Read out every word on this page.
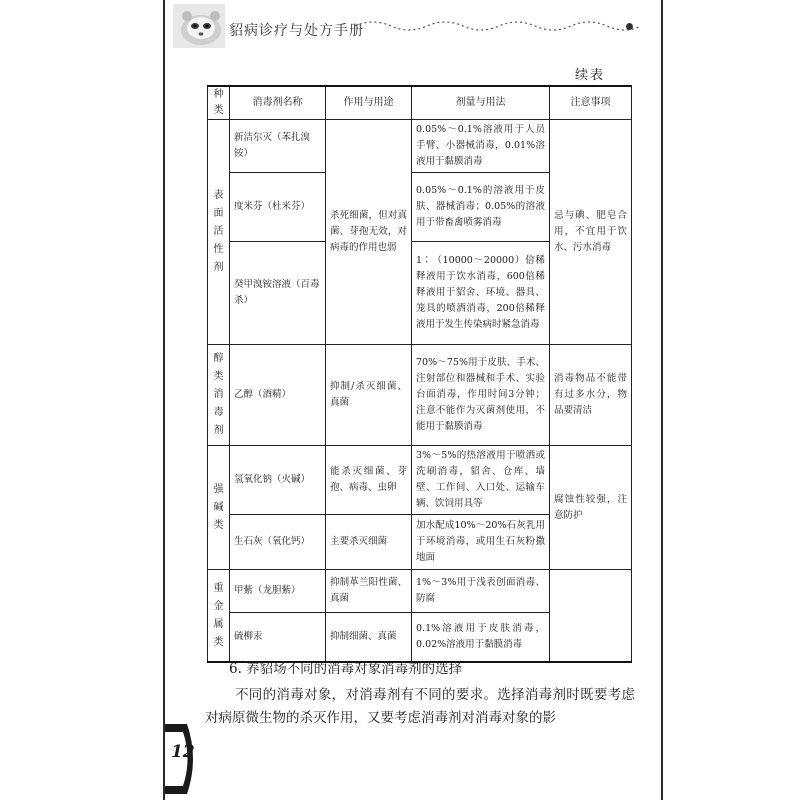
貂病诊疗与处方手册
续表
种类	消毒剂名称	作用与用途	剂量与用法	注意事项

表
面
活
性
剂	新洁尔灭（苯扎溴铵）	杀死细菌，但对真菌、芽孢无效，对病毒的作用也弱	0.05%～0.1%溶液用于人员手臂、小器械消毒，0.01%溶液用于黏膜消毒	忌与碘、肥皂合用，不宜用于饮水、污水消毒
	度米芬（杜米芬）		0.05%～0.1%的溶液用于皮肤、器械消毒；0.05%的溶液用于带畜禽喷雾消毒	
	癸甲溴铵溶液（百毒杀）		1∶（10000～20000）倍稀释液用于饮水消毒，600倍稀释液用于貂舍、环境、器具、笼具的喷洒消毒，200倍稀释液用于发生传染病时紧急消毒	

醇
类
消
毒
剂	乙醇（酒精）	抑制/杀灭细菌、真菌	70%～75%用于皮肤、手术、注射部位和器械和手术、实验台面消毒，作用时间3分钟；注意不能作为灭菌剂使用，不能用于黏膜消毒	消毒物品不能带有过多水分，物品要清洁

强
碱
类	氢氧化钠（火碱）	能杀灭细菌、芽孢、病毒、虫卵	3%～5%的热溶液用于喷洒或洗刷消毒，貂舍、仓库、墙壁、工作间、入口处、运输车辆、饮饲用具等	腐蚀性较强，注意防护
	生石灰（氧化钙）	主要杀灭细菌	加水配成10%～20%石灰乳用于环境消毒，或用生石灰粉撒地面	

重
金
属
类	甲紫（龙胆紫）	抑制革兰阳性菌、真菌	1%～3%用于浅表创面消毒、防腐	
	硫柳汞	抑制细菌、真菌	0.1%溶液用于皮肤消毒，0.02%溶液用于黏膜消毒	
6. 养貂场不同的消毒对象消毒剂的选择
不同的消毒对象，对消毒剂有不同的要求。选择消毒剂时既要考虑对病原微生物的杀灭作用，又要考虑消毒剂对消毒对象的影
12
